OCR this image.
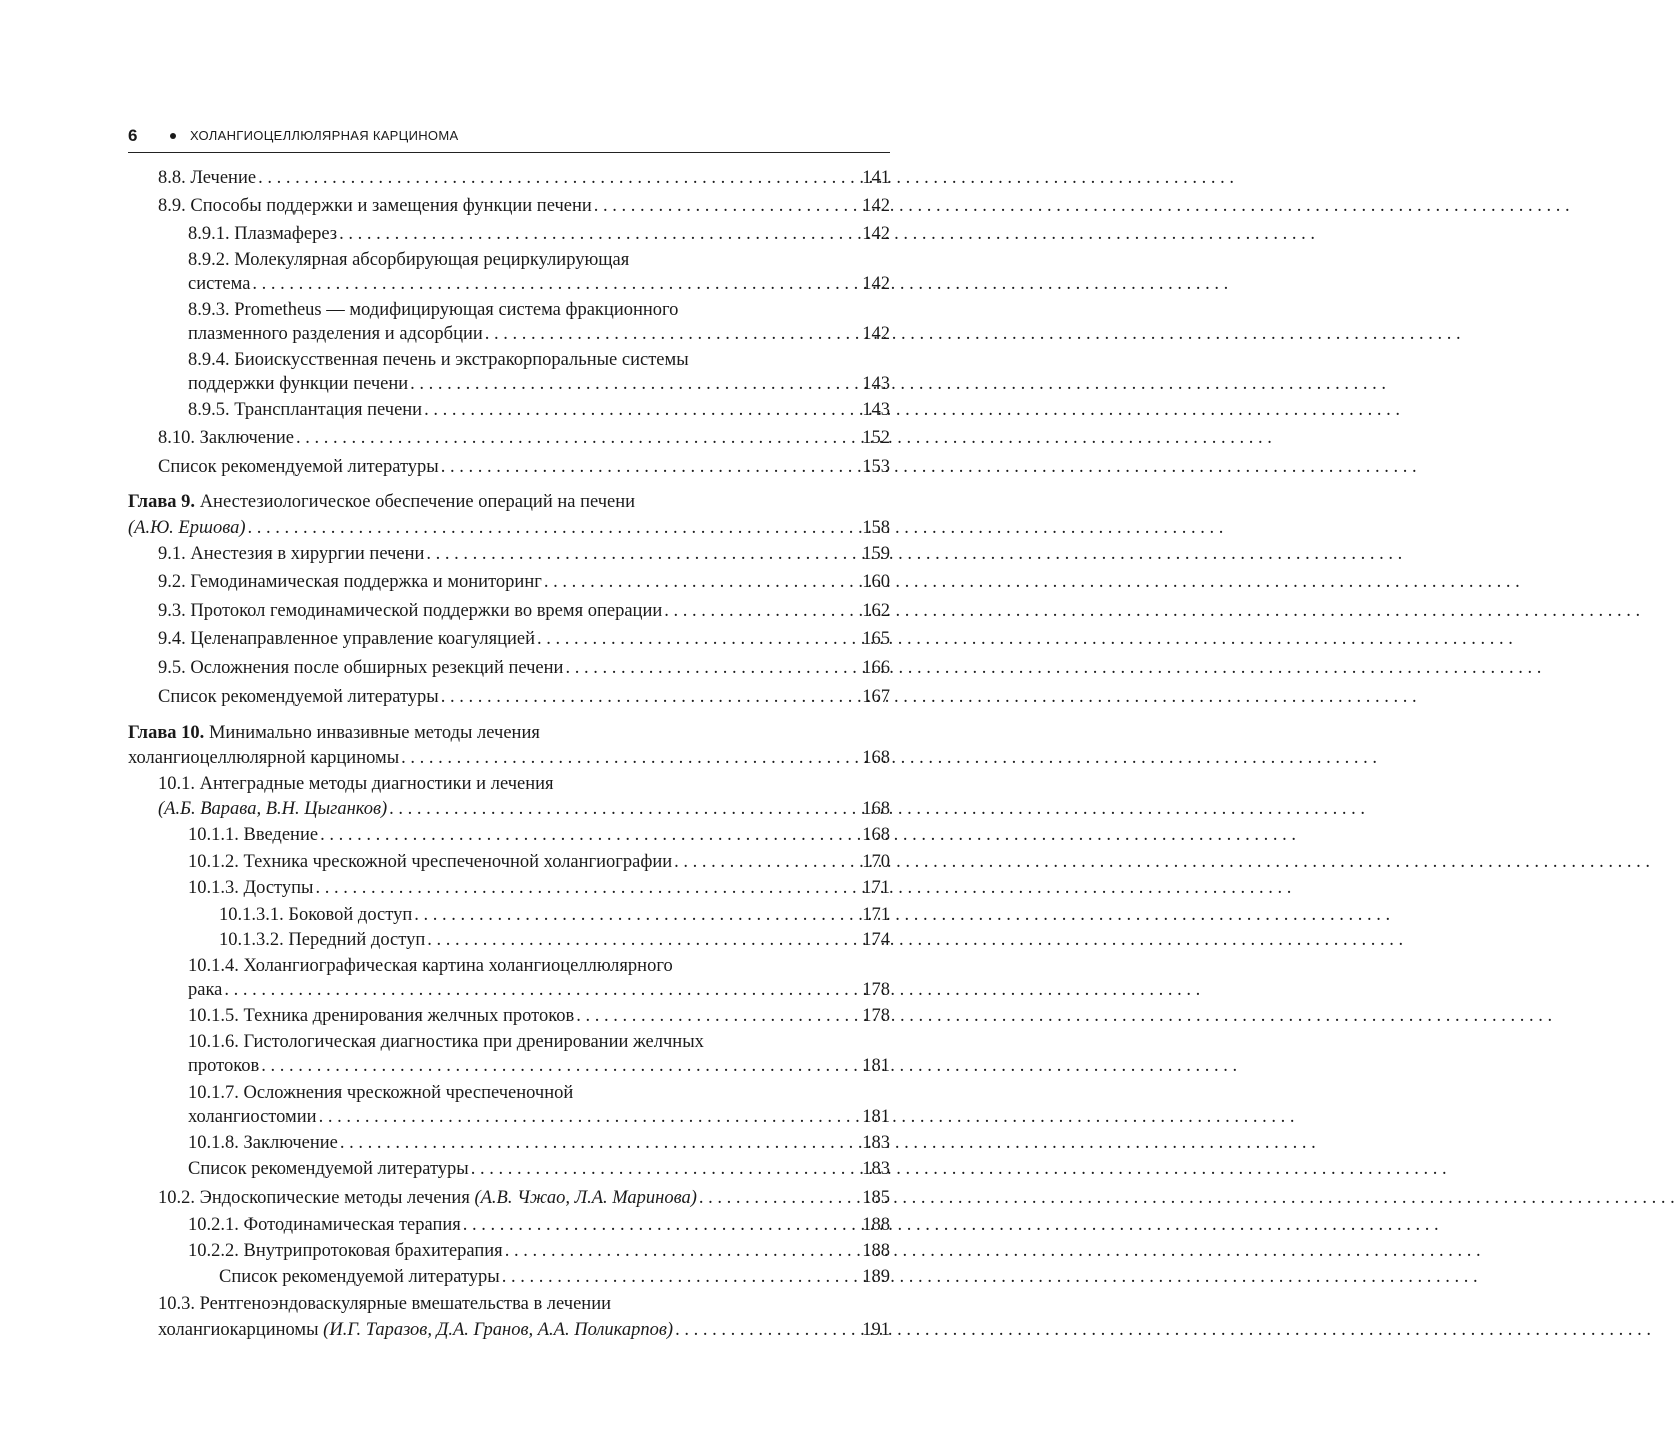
6	ХОЛАНГИОЦЕЛЛЮЛЯРНАЯ КАРЦИНОМА
8.8. Лечение . . .	141
8.9. Способы поддержки и замещения функции печени . . .	142
8.9.1. Плазмаферез . . .	142
8.9.2. Молекулярная абсорбирующая рециркулирующая
система . . .	142
8.9.3. Prometheus — модифицирующая система фракционного
плазменного разделения и адсорбции . . .	142
8.9.4. Биоискусственная печень и экстракорпоральные системы
поддержки функции печени . . .	143
8.9.5. Трансплантация печени . . .	143
8.10. Заключение . . .	152
Список рекомендуемой литературы . . .	153
Глава 9. Анестезиологическое обеспечение операций на печени
(А.Ю. Ершова) . . .	158
9.1. Анестезия в хирургии печени . . .	159
9.2. Гемодинамическая поддержка и мониторинг . . .	160
9.3. Протокол гемодинамической поддержки во время операции . . .	162
9.4. Целенаправленное управление коагуляцией . . .	165
9.5. Осложнения после обширных резекций печени . . .	166
Список рекомендуемой литературы . . .	167
Глава 10. Минимально инвазивные методы лечения
холангиоцеллюлярной карциномы . . .	168
10.1. Антеградные методы диагностики и лечения
(А.Б. Варава, В.Н. Цыганков) . . .	168
10.1.1. Введение . . .	168
10.1.2. Техника чрескожной чреспеченочной холангиографии . . .	170
10.1.3. Доступы . . .	171
10.1.3.1. Боковой доступ . . .	171
10.1.3.2. Передний доступ . . .	174
10.1.4. Холангиографическая картина холангиоцеллюлярного
рака . . .	178
10.1.5. Техника дренирования желчных протоков . . .	178
10.1.6. Гистологическая диагностика при дренировании желчных
протоков . . .	181
10.1.7. Осложнения чрескожной чреспеченочной
холангиостомии . . .	181
10.1.8. Заключение . . .	183
Список рекомендуемой литературы . . .	183
10.2. Эндоскопические методы лечения (А.В. Чжао, Л.А. Маринова) . . .	185
10.2.1. Фотодинамическая терапия . . .	188
10.2.2. Внутрипротоковая брахитерапия . . .	188
Список рекомендуемой литературы . . .	189
10.3. Рентгеноэндоваскулярные вмешательства в лечении
холангиокарциномы (И.Г. Таразов, Д.А. Гранов, А.А. Поликарпов) . . .	191
